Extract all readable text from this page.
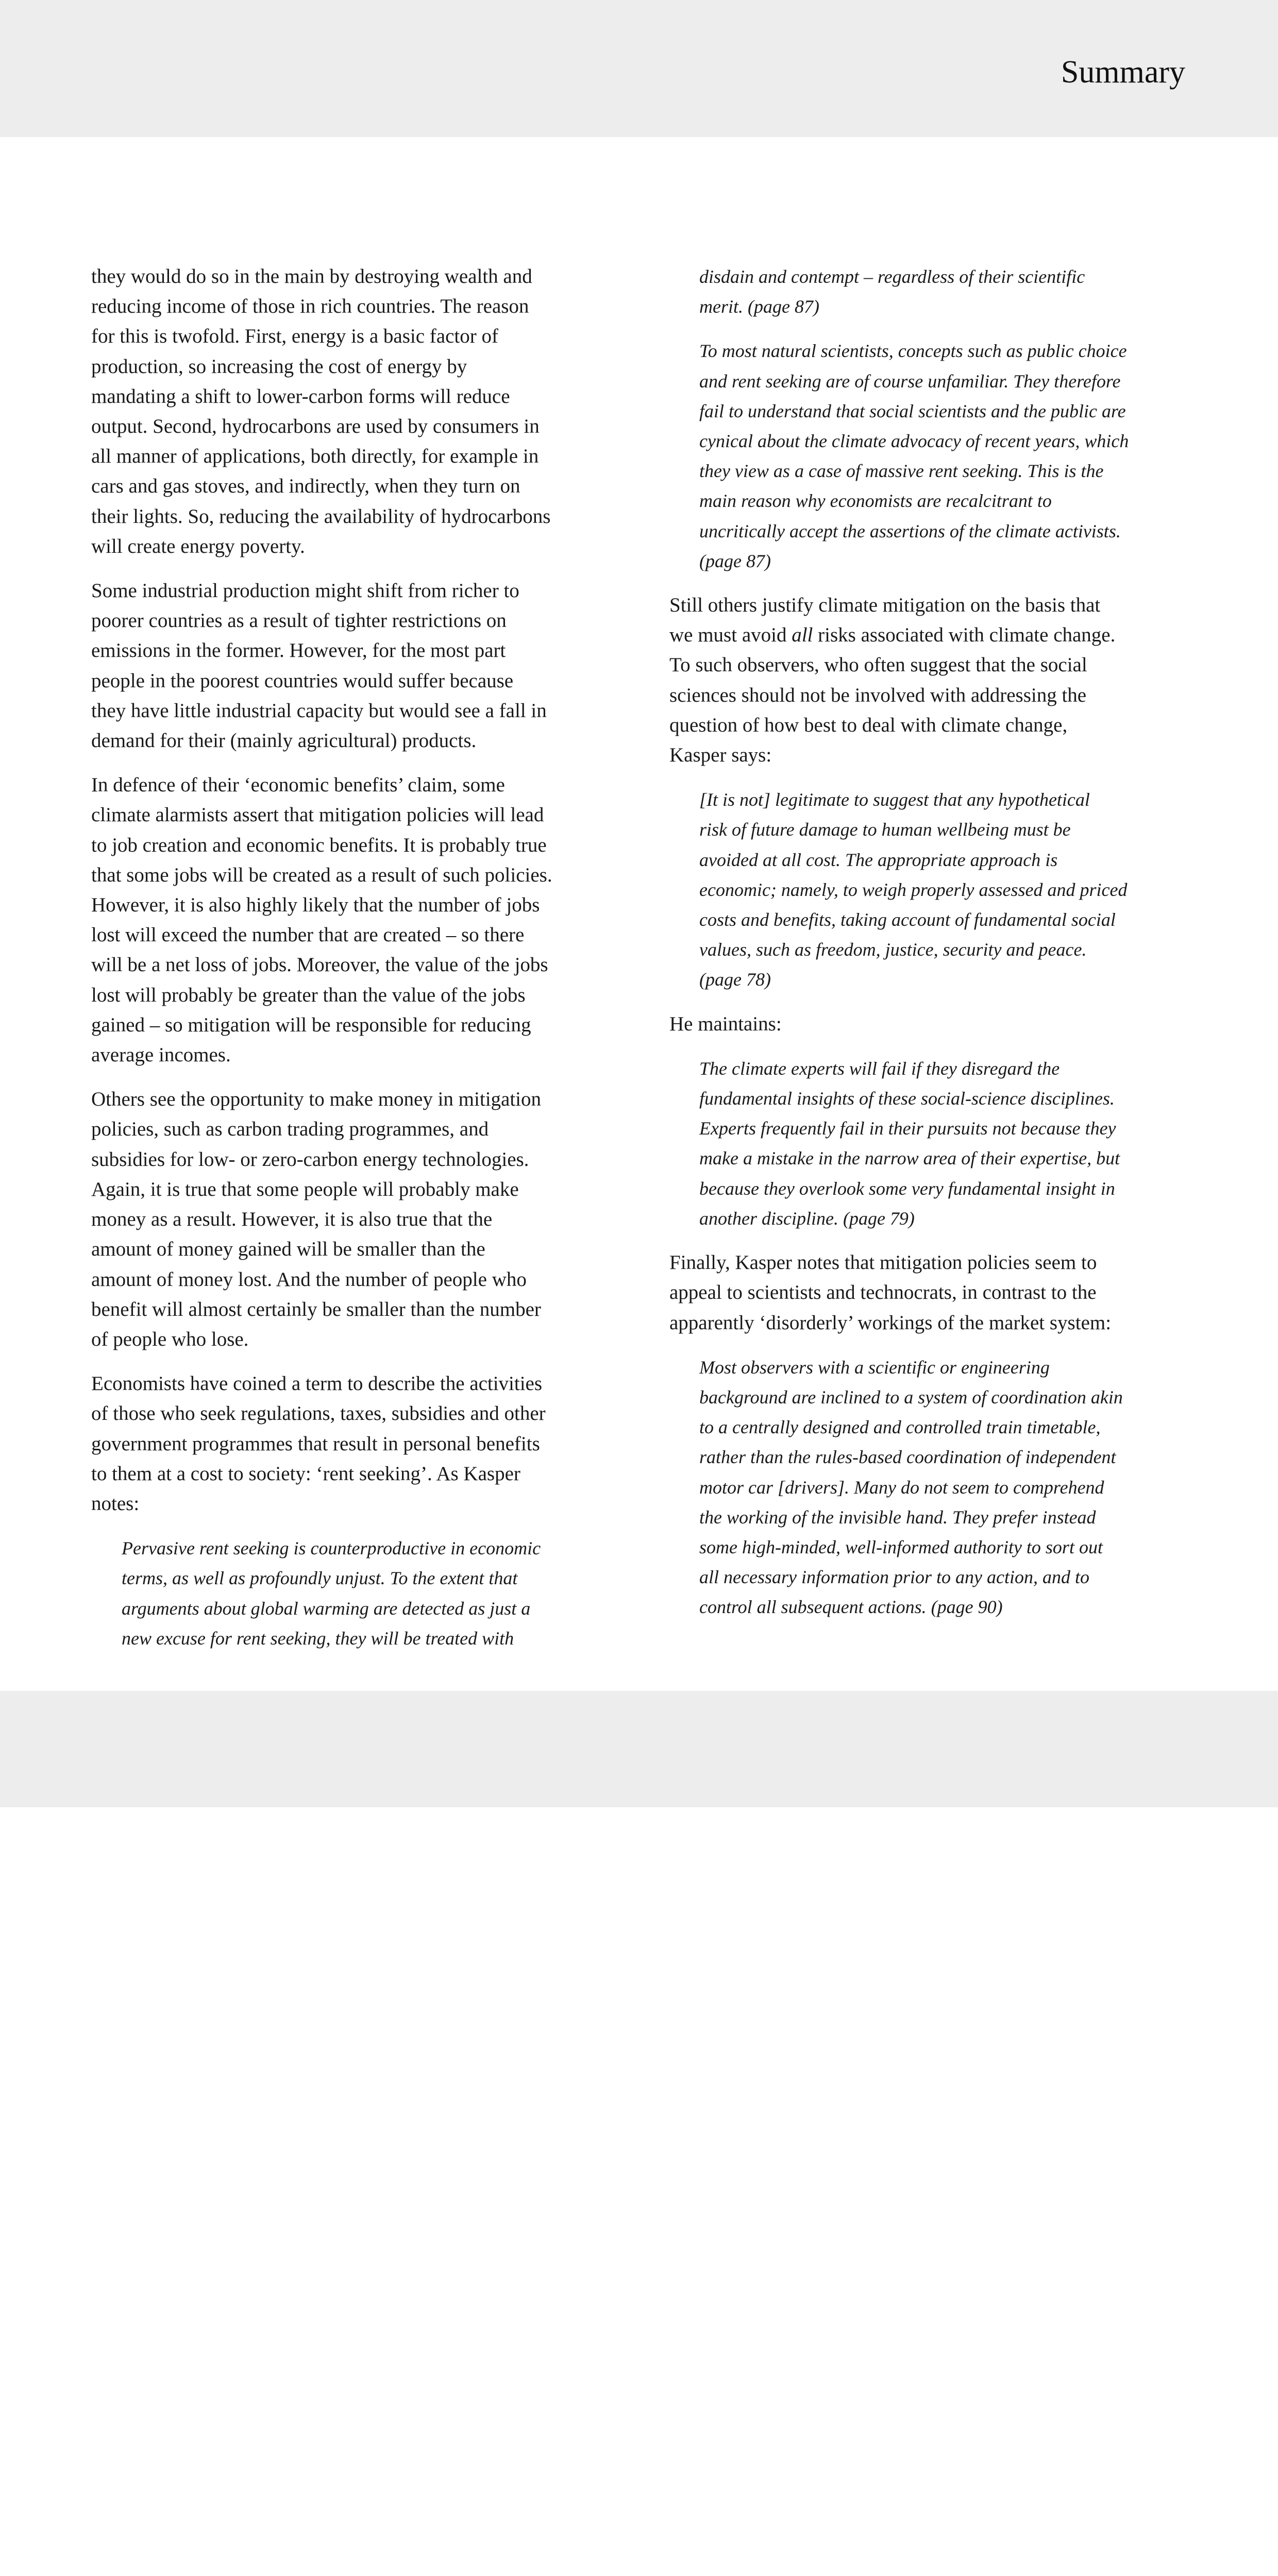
Summary

they would do so in the main by destroying wealth and
reducing income of those in rich countries. The reason
for this is twofold. First, energy is a basic factor of
production, so increasing the cost of energy by
mandating a shift to lower-carbon forms will reduce
output. Second, hydrocarbons are used by consumers in
all manner of applications, both directly, for example in
cars and gas stoves, and indirectly, when they turn on
their lights. So, reducing the availability of hydrocarbons
will create energy poverty.

Some industrial production might shift from richer to
poorer countries as a result of tighter restrictions on
emissions in the former. However, for the most part
people in the poorest countries would suffer because
they have little industrial capacity but would see a fall in
demand for their (mainly agricultural) products.

In defence of their ‘economic benefits’ claim, some
climate alarmists assert that mitigation policies will lead
to job creation and economic benefits. It is probably true
that some jobs will be created as a result of such policies.
However, it is also highly likely that the number of jobs
lost will exceed the number that are created – so there
will be a net loss of jobs. Moreover, the value of the jobs
lost will probably be greater than the value of the jobs
gained – so mitigation will be responsible for reducing
average incomes.

Others see the opportunity to make money in mitigation
policies, such as carbon trading programmes, and
subsidies for low- or zero-carbon energy technologies.
Again, it is true that some people will probably make
money as a result. However, it is also true that the
amount of money gained will be smaller than the
amount of money lost. And the number of people who
benefit will almost certainly be smaller than the number
of people who lose.

Economists have coined a term to describe the activities
of those who seek regulations, taxes, subsidies and other
government programmes that result in personal benefits
to them at a cost to society: ‘rent seeking’. As Kasper
notes:

Pervasive rent seeking is counterproductive in economic
terms, as well as profoundly unjust. To the extent that
arguments about global warming are detected as just a
new excuse for rent seeking, they will be treated with

disdain and contempt – regardless of their scientific
merit. (page 87)

To most natural scientists, concepts such as public choice
and rent seeking are of course unfamiliar. They therefore
fail to understand that social scientists and the public are
cynical about the climate advocacy of recent years, which
they view as a case of massive rent seeking. This is the
main reason why economists are recalcitrant to
uncritically accept the assertions of the climate activists.
(page 87)

Still others justify climate mitigation on the basis that
we must avoid all risks associated with climate change.
To such observers, who often suggest that the social
sciences should not be involved with addressing the
question of how best to deal with climate change,
Kasper says:

[It is not] legitimate to suggest that any hypothetical
risk of future damage to human wellbeing must be
avoided at all cost. The appropriate approach is
economic; namely, to weigh properly assessed and priced
costs and benefits, taking account of fundamental social
values, such as freedom, justice, security and peace.
(page 78)

He maintains:

The climate experts will fail if they disregard the
fundamental insights of these social-science disciplines.
Experts frequently fail in their pursuits not because they
make a mistake in the narrow area of their expertise, but
because they overlook some very fundamental insight in
another discipline. (page 79)

Finally, Kasper notes that mitigation policies seem to
appeal to scientists and technocrats, in contrast to the
apparently ‘disorderly’ workings of the market system:

Most observers with a scientific or engineering
background are inclined to a system of coordination akin
to a centrally designed and controlled train timetable,
rather than the rules-based coordination of independent
motor car [drivers]. Many do not seem to comprehend
the working of the invisible hand. They prefer instead
some high-minded, well-informed authority to sort out
all necessary information prior to any action, and to
control all subsequent actions. (page 90)
